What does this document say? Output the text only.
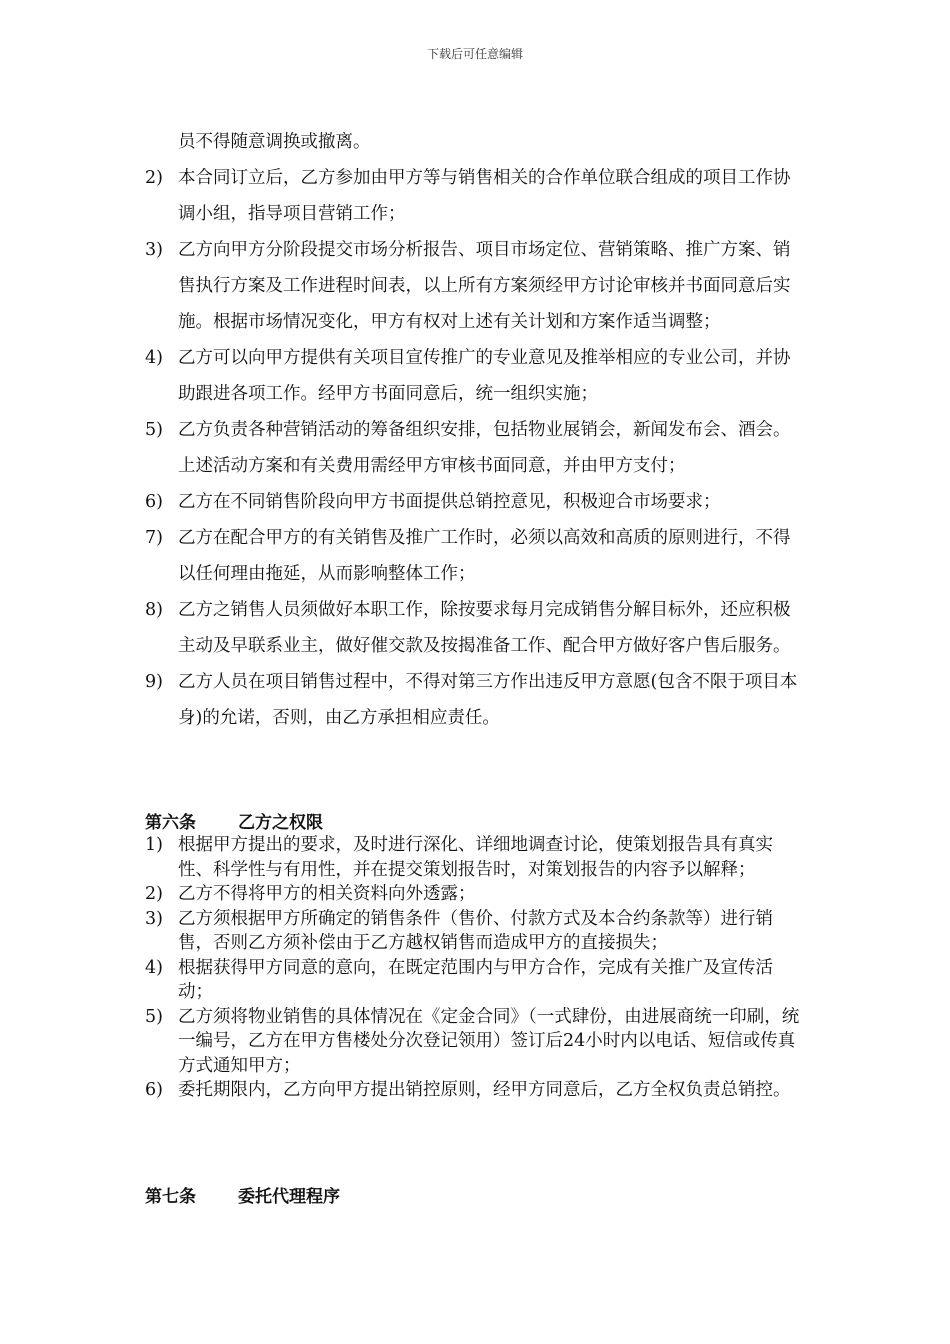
下载后可任意编辑
员不得随意调换或撤离。
2) 本合同订立后，乙方参加由甲方等与销售相关的合作单位联合组成的项目工作协调小组，指导项目营销工作；
3) 乙方向甲方分阶段提交市场分析报告、项目市场定位、营销策略、推广方案、销售执行方案及工作进程时间表，以上所有方案须经甲方讨论审核并书面同意后实施。根据市场情况变化，甲方有权对上述有关计划和方案作适当调整；
4) 乙方可以向甲方提供有关项目宣传推广的专业意见及推举相应的专业公司，并协助跟进各项工作。经甲方书面同意后，统一组织实施；
5) 乙方负责各种营销活动的筹备组织安排，包括物业展销会，新闻发布会、酒会。上述活动方案和有关费用需经甲方审核书面同意，并由甲方支付；
6) 乙方在不同销售阶段向甲方书面提供总销控意见，积极迎合市场要求；
7) 乙方在配合甲方的有关销售及推广工作时，必须以高效和高质的原则进行，不得以任何理由拖延，从而影响整体工作；
8) 乙方之销售人员须做好本职工作，除按要求每月完成销售分解目标外，还应积极主动及早联系业主，做好催交款及按揭准备工作、配合甲方做好客户售后服务。
9) 乙方人员在项目销售过程中，不得对第三方作出违反甲方意愿(包含不限于项目本身)的允诺，否则，由乙方承担相应责任。
第六条 乙方之权限
1) 根据甲方提出的要求，及时进行深化、详细地调查讨论，使策划报告具有真实性、科学性与有用性，并在提交策划报告时，对策划报告的内容予以解释；
2) 乙方不得将甲方的相关资料向外透露；
3) 乙方须根据甲方所确定的销售条件（售价、付款方式及本合约条款等）进行销售，否则乙方须补偿由于乙方越权销售而造成甲方的直接损失；
4) 根据获得甲方同意的意向，在既定范围内与甲方合作，完成有关推广及宣传活动；
5) 乙方须将物业销售的具体情况在《定金合同》（一式肆份，由进展商统一印刷，统一编号，乙方在甲方售楼处分次登记领用）签订后24小时内以电话、短信或传真方式通知甲方；
6) 委托期限内，乙方向甲方提出销控原则，经甲方同意后，乙方全权负责总销控。
第七条 委托代理程序
